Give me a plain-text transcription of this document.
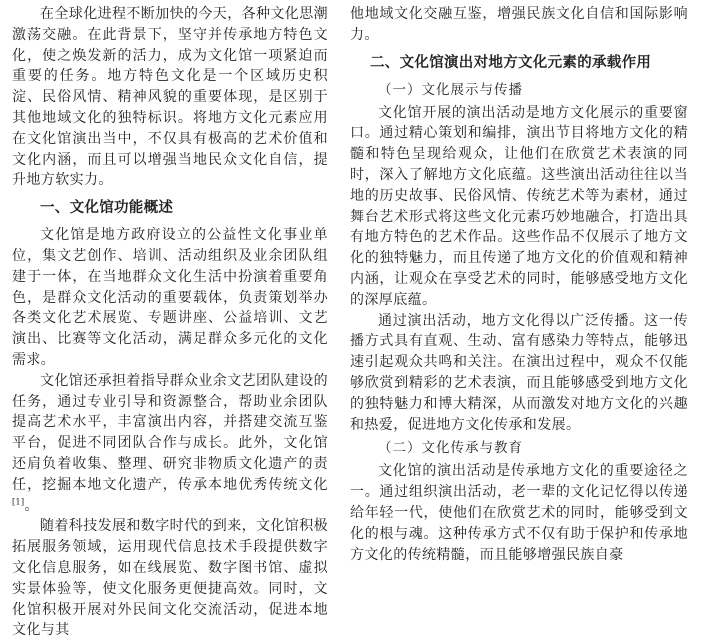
在全球化进程不断加快的今天，各种文化思潮激荡交融。在此背景下，坚守并传承地方特色文化，使之焕发新的活力，成为文化馆一项紧迫而重要的任务。地方特色文化是一个区域历史积淀、民俗风情、精神风貌的重要体现，是区别于其他地域文化的独特标识。将地方文化元素应用在文化馆演出当中，不仅具有极高的艺术价值和文化内涵，而且可以增强当地民众文化自信，提升地方软实力。

一、文化馆功能概述

文化馆是地方政府设立的公益性文化事业单位，集文艺创作、培训、活动组织及业余团队组建于一体，在当地群众文化生活中扮演着重要角色，是群众文化活动的重要载体，负责策划举办各类文化艺术展览、专题讲座、公益培训、文艺演出、比赛等文化活动，满足群众多元化的文化需求。

文化馆还承担着指导群众业余文艺团队建设的任务，通过专业引导和资源整合，帮助业余团队提高艺术水平，丰富演出内容，并搭建交流互鉴平台，促进不同团队合作与成长。此外，文化馆还肩负着收集、整理、研究非物质文化遗产的责任，挖掘本地文化遗产，传承本地优秀传统文化[1]。

随着科技发展和数字时代的到来，文化馆积极拓展服务领域，运用现代信息技术手段提供数字文化信息服务，如在线展览、数字图书馆、虚拟实景体验等，使文化服务更便捷高效。同时，文化馆积极开展对外民间文化交流活动，促进本地文化与其

他地域文化交融互鉴，增强民族文化自信和国际影响力。

二、文化馆演出对地方文化元素的承载作用
（一）文化展示与传播

文化馆开展的演出活动是地方文化展示的重要窗口。通过精心策划和编排，演出节目将地方文化的精髓和特色呈现给观众，让他们在欣赏艺术表演的同时，深入了解地方文化底蕴。这些演出活动往往以当地的历史故事、民俗风情、传统艺术等为素材，通过舞台艺术形式将这些文化元素巧妙地融合，打造出具有地方特色的艺术作品。这些作品不仅展示了地方文化的独特魅力，而且传递了地方文化的价值观和精神内涵，让观众在享受艺术的同时，能够感受地方文化的深厚底蕴。

通过演出活动，地方文化得以广泛传播。这一传播方式具有直观、生动、富有感染力等特点，能够迅速引起观众共鸣和关注。在演出过程中，观众不仅能够欣赏到精彩的艺术表演，而且能够感受到地方文化的独特魅力和博大精深，从而激发对地方文化的兴趣和热爱，促进地方文化传承和发展。

（二）文化传承与教育

文化馆的演出活动是传承地方文化的重要途径之一。通过组织演出活动，老一辈的文化记忆得以传递给年轻一代，使他们在欣赏艺术的同时，能够受到文化的根与魂。这种传承方式不仅有助于保护和传承地方文化的传统精髓，而且能够增强民族自豪
